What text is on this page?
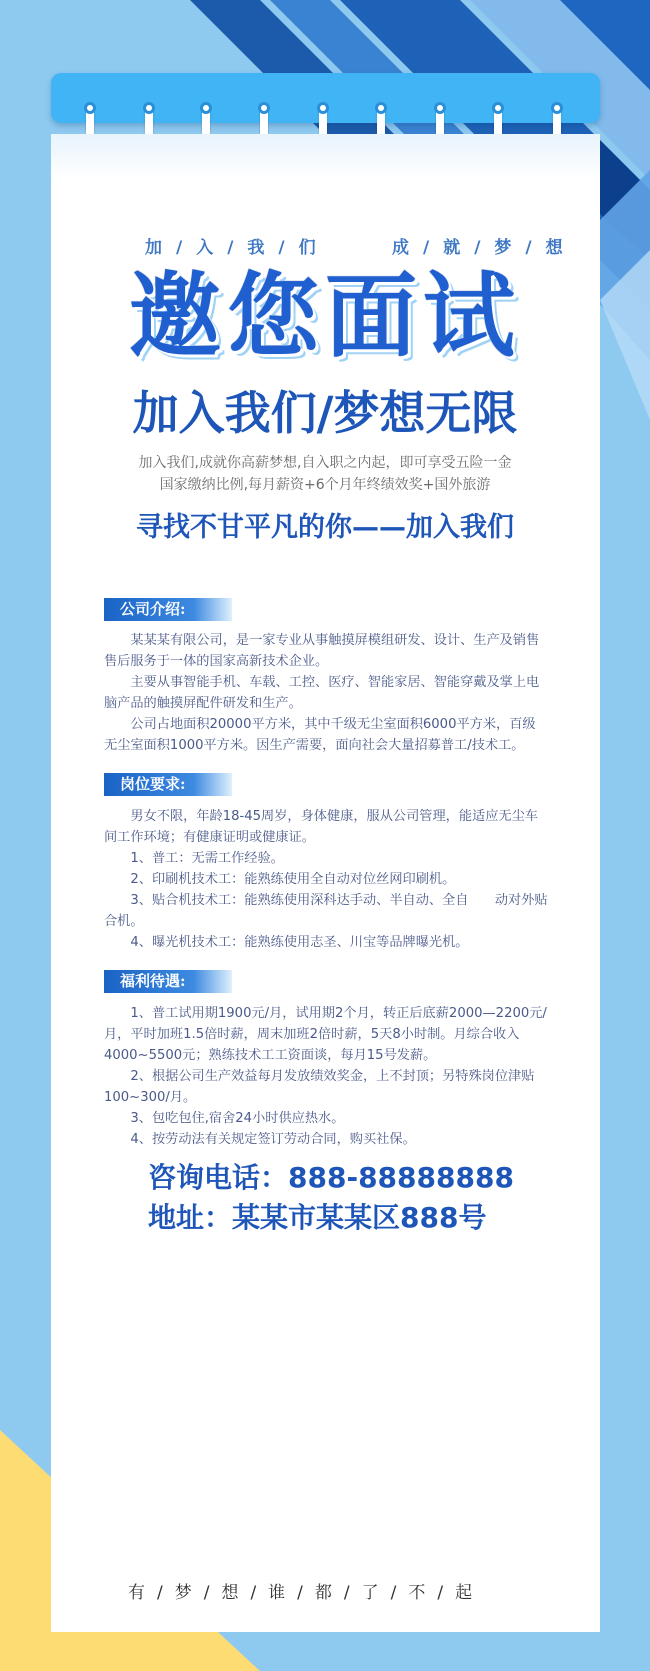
加/入/我/们	成/就/梦/想
邀您面试
加入我们/梦想无限
加入我们,成就你高薪梦想,自入职之内起，即可享受五险一金
国家缴纳比例,每月薪资+6个月年终绩效奖+国外旅游
寻找不甘平凡的你——加入我们
公司介绍:

某某某有限公司，是一家专业从事触摸屏模组研发、设计、生产及销售售后服务于一体的国家高新技术企业。

主要从事智能手机、车载、工控、医疗、智能家居、智能穿戴及掌上电脑产品的触摸屏配件研发和生产。

公司占地面积20000平方米，其中千级无尘室面积6000平方米，百级无尘室面积1000平方米。因生产需要，面向社会大量招募普工/技术工。

岗位要求:

男女不限，年龄18-45周岁，身体健康，服从公司管理，能适应无尘车间工作环境；有健康证明或健康证。

1、普工：无需工作经验。

2、印刷机技术工：能熟练使用全自动对位丝网印刷机。

3、贴合机技术工：能熟练使用深科达手动、半自动、全自　　动对外贴合机。

4、曝光机技术工：能熟练使用志圣、川宝等品牌曝光机。

福利待遇:

1、普工试用期1900元/月，试用期2个月，转正后底薪2000—2200元/月，平时加班1.5倍时薪，周末加班2倍时薪，5天8小时制。月综合收入4000~5500元；熟练技术工工资面谈，每月15号发薪。

2、根据公司生产效益每月发放绩效奖金，上不封顶；另特殊岗位津贴100~300/月。

3、包吃包住,宿舍24小时供应热水。

4、按劳动法有关规定签订劳动合同，购买社保。

咨询电话：888-88888888
地址：某某市某某区888号
有/梦/想/谁/都/了/不/起
